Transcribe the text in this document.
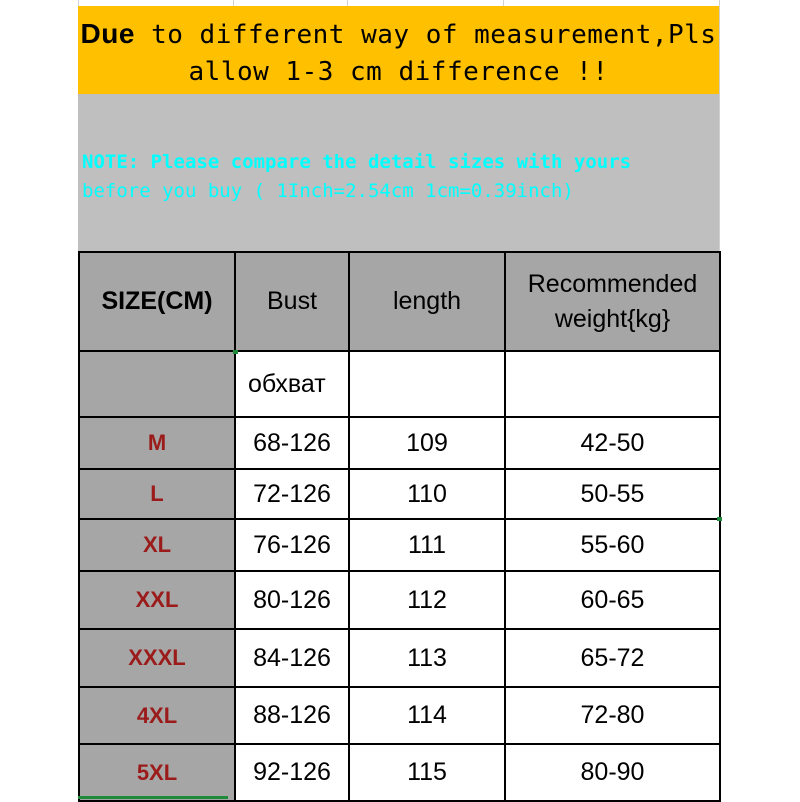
Due to different way of measurement,Pls
allow 1-3 cm difference !!
NOTE: Please compare the detail sizes with yours
before you buy ( 1Inch=2.54cm 1cm=0.39inch)
SIZE(CM)	Bust	length	Recommended
weight{kg}

	обхват		
M	68-126	109	42-50
L	72-126	110	50-55
XL	76-126	111	55-60
XXL	80-126	112	60-65
XXXL	84-126	113	65-72
4XL	88-126	114	72-80
5XL	92-126	115	80-90
